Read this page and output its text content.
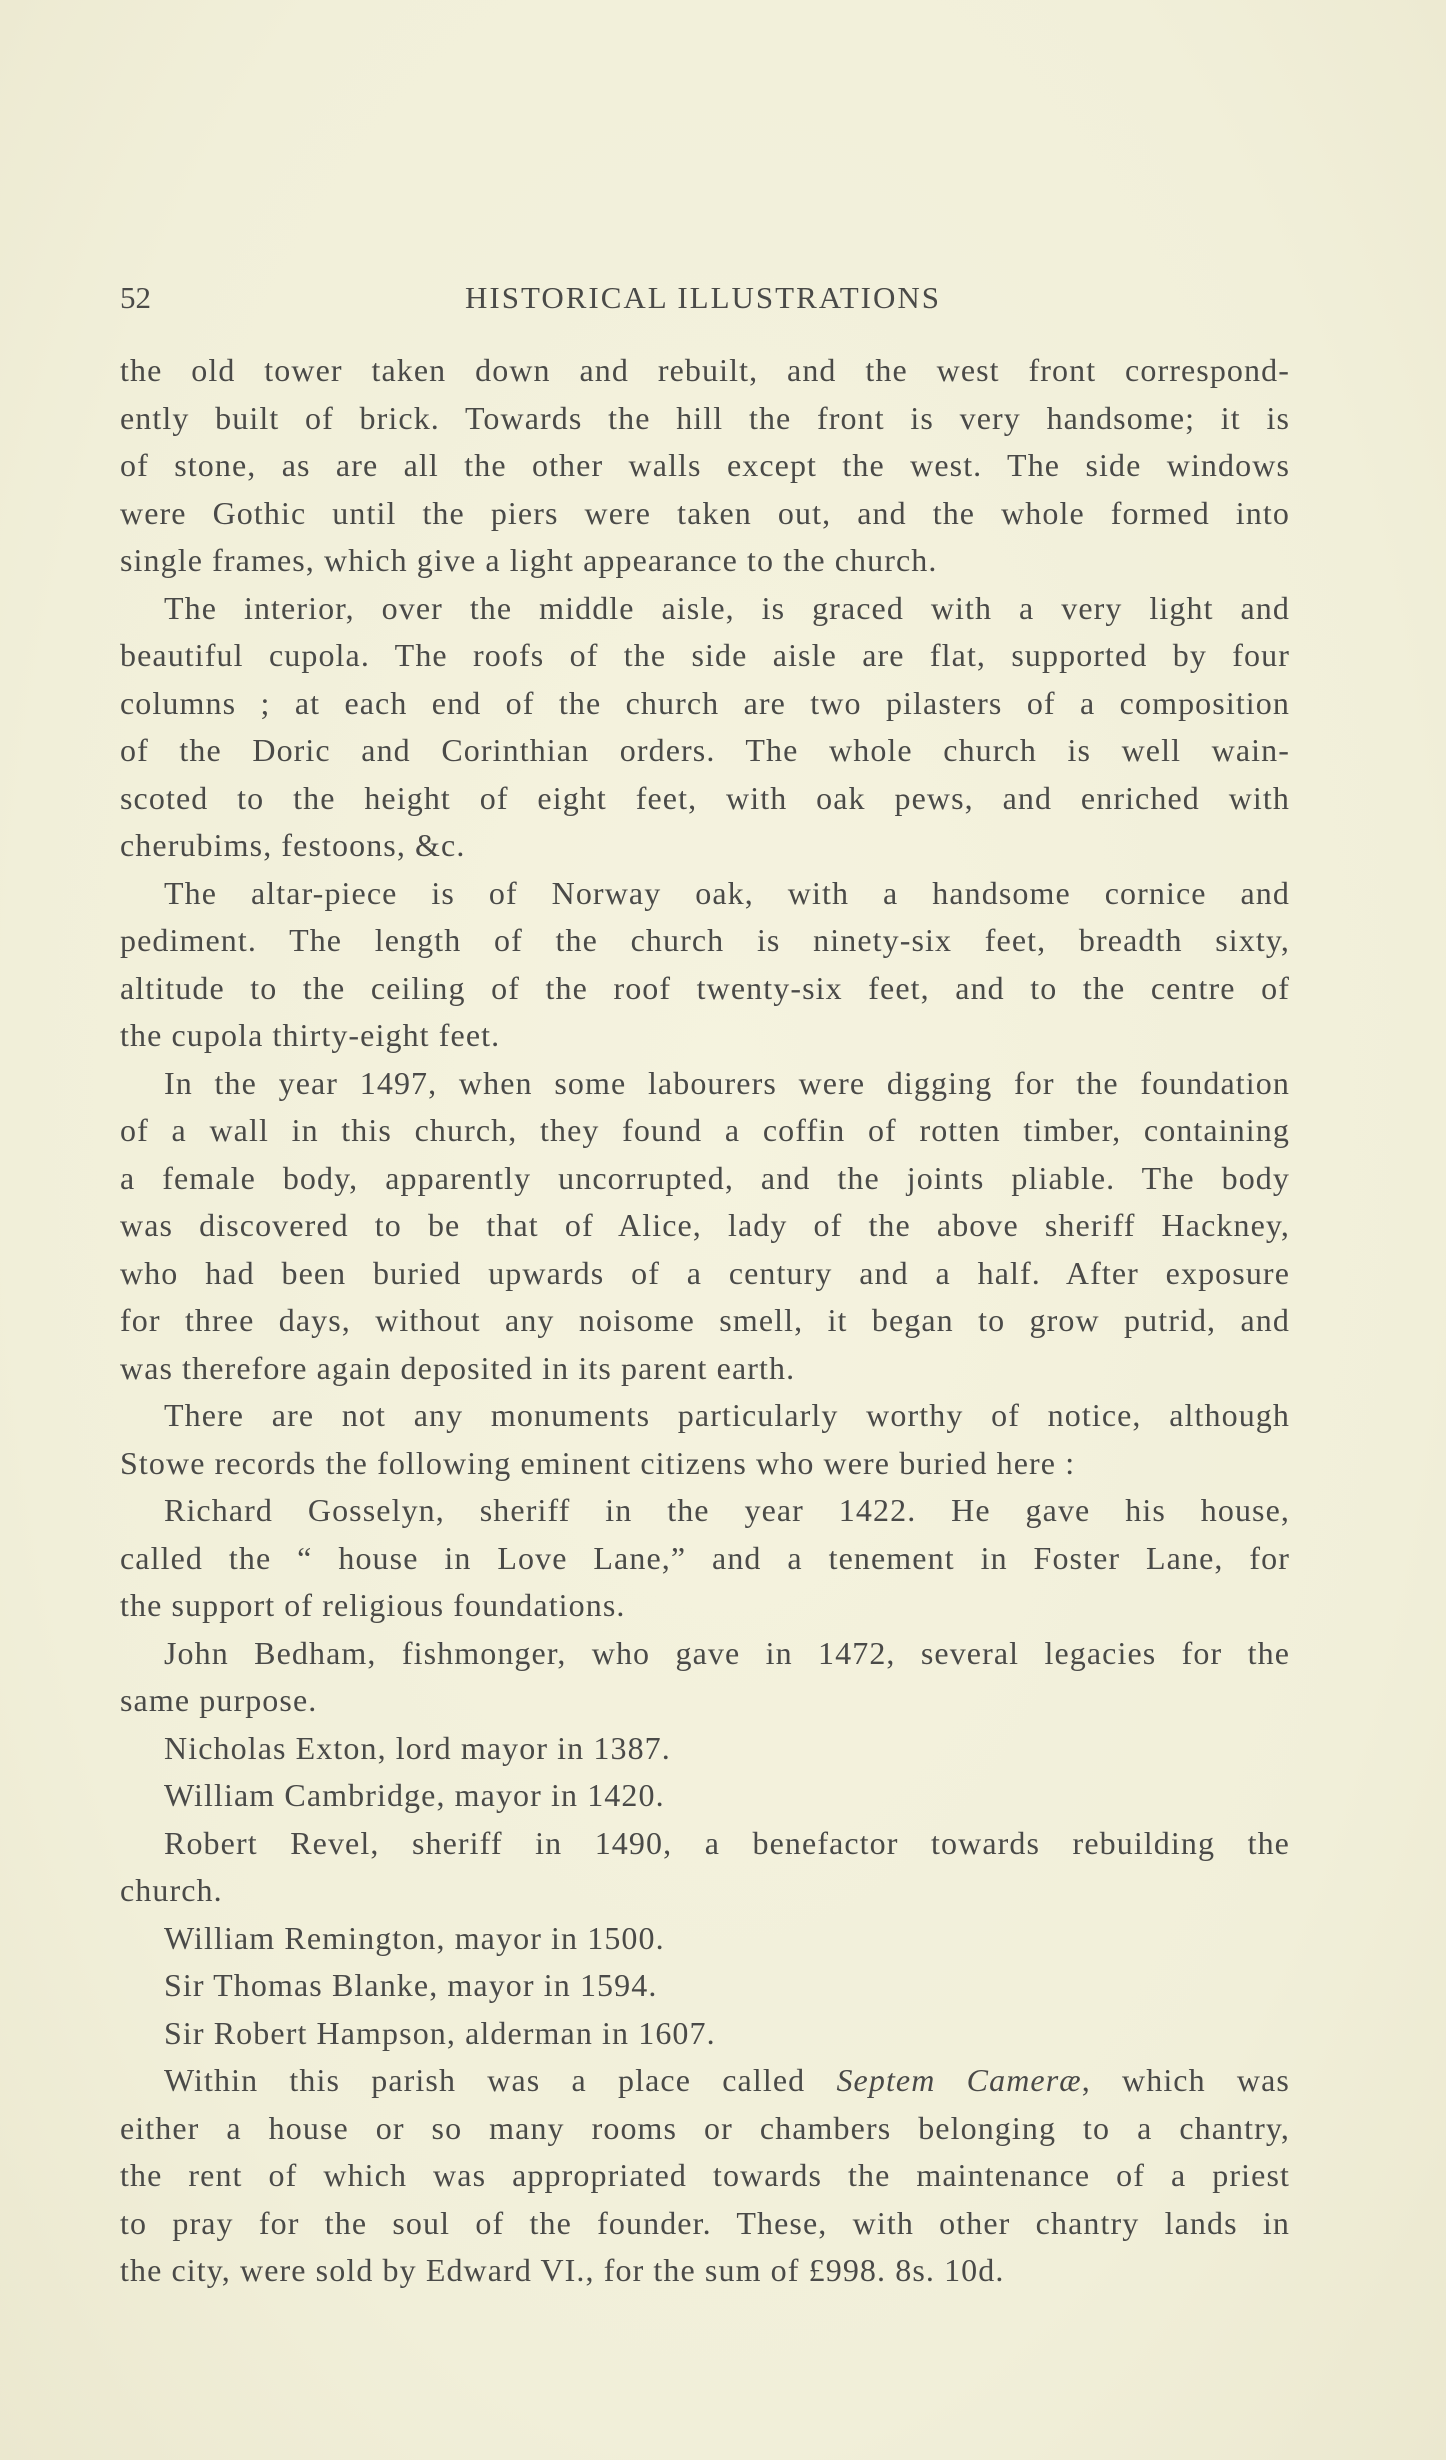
52	HISTORICAL ILLUSTRATIONS
the old tower taken down and rebuilt, and the west front correspond-
ently built of brick. Towards the hill the front is very handsome; it is
of stone, as are all the other walls except the west. The side windows
were Gothic until the piers were taken out, and the whole formed into
single frames, which give a light appearance to the church.
The interior, over the middle aisle, is graced with a very light and
beautiful cupola. The roofs of the side aisle are flat, supported by four
columns ; at each end of the church are two pilasters of a composition
of the Doric and Corinthian orders. The whole church is well wain-
scoted to the height of eight feet, with oak pews, and enriched with
cherubims, festoons, &c.
The altar-piece is of Norway oak, with a handsome cornice and
pediment. The length of the church is ninety-six feet, breadth sixty,
altitude to the ceiling of the roof twenty-six feet, and to the centre of
the cupola thirty-eight feet.
In the year 1497, when some labourers were digging for the foundation
of a wall in this church, they found a coffin of rotten timber, containing
a female body, apparently uncorrupted, and the joints pliable. The body
was discovered to be that of Alice, lady of the above sheriff Hackney,
who had been buried upwards of a century and a half. After exposure
for three days, without any noisome smell, it began to grow putrid, and
was therefore again deposited in its parent earth.
There are not any monuments particularly worthy of notice, although
Stowe records the following eminent citizens who were buried here :
Richard Gosselyn, sheriff in the year 1422. He gave his house,
called the “ house in Love Lane,” and a tenement in Foster Lane, for
the support of religious foundations.
John Bedham, fishmonger, who gave in 1472, several legacies for the
same purpose.
Nicholas Exton, lord mayor in 1387.
William Cambridge, mayor in 1420.
Robert Revel, sheriff in 1490, a benefactor towards rebuilding the
church.
William Remington, mayor in 1500.
Sir Thomas Blanke, mayor in 1594.
Sir Robert Hampson, alderman in 1607.
Within this parish was a place called Septem Cameræ, which was
either a house or so many rooms or chambers belonging to a chantry,
the rent of which was appropriated towards the maintenance of a priest
to pray for the soul of the founder. These, with other chantry lands in
the city, were sold by Edward VI., for the sum of £998. 8s. 10d.
